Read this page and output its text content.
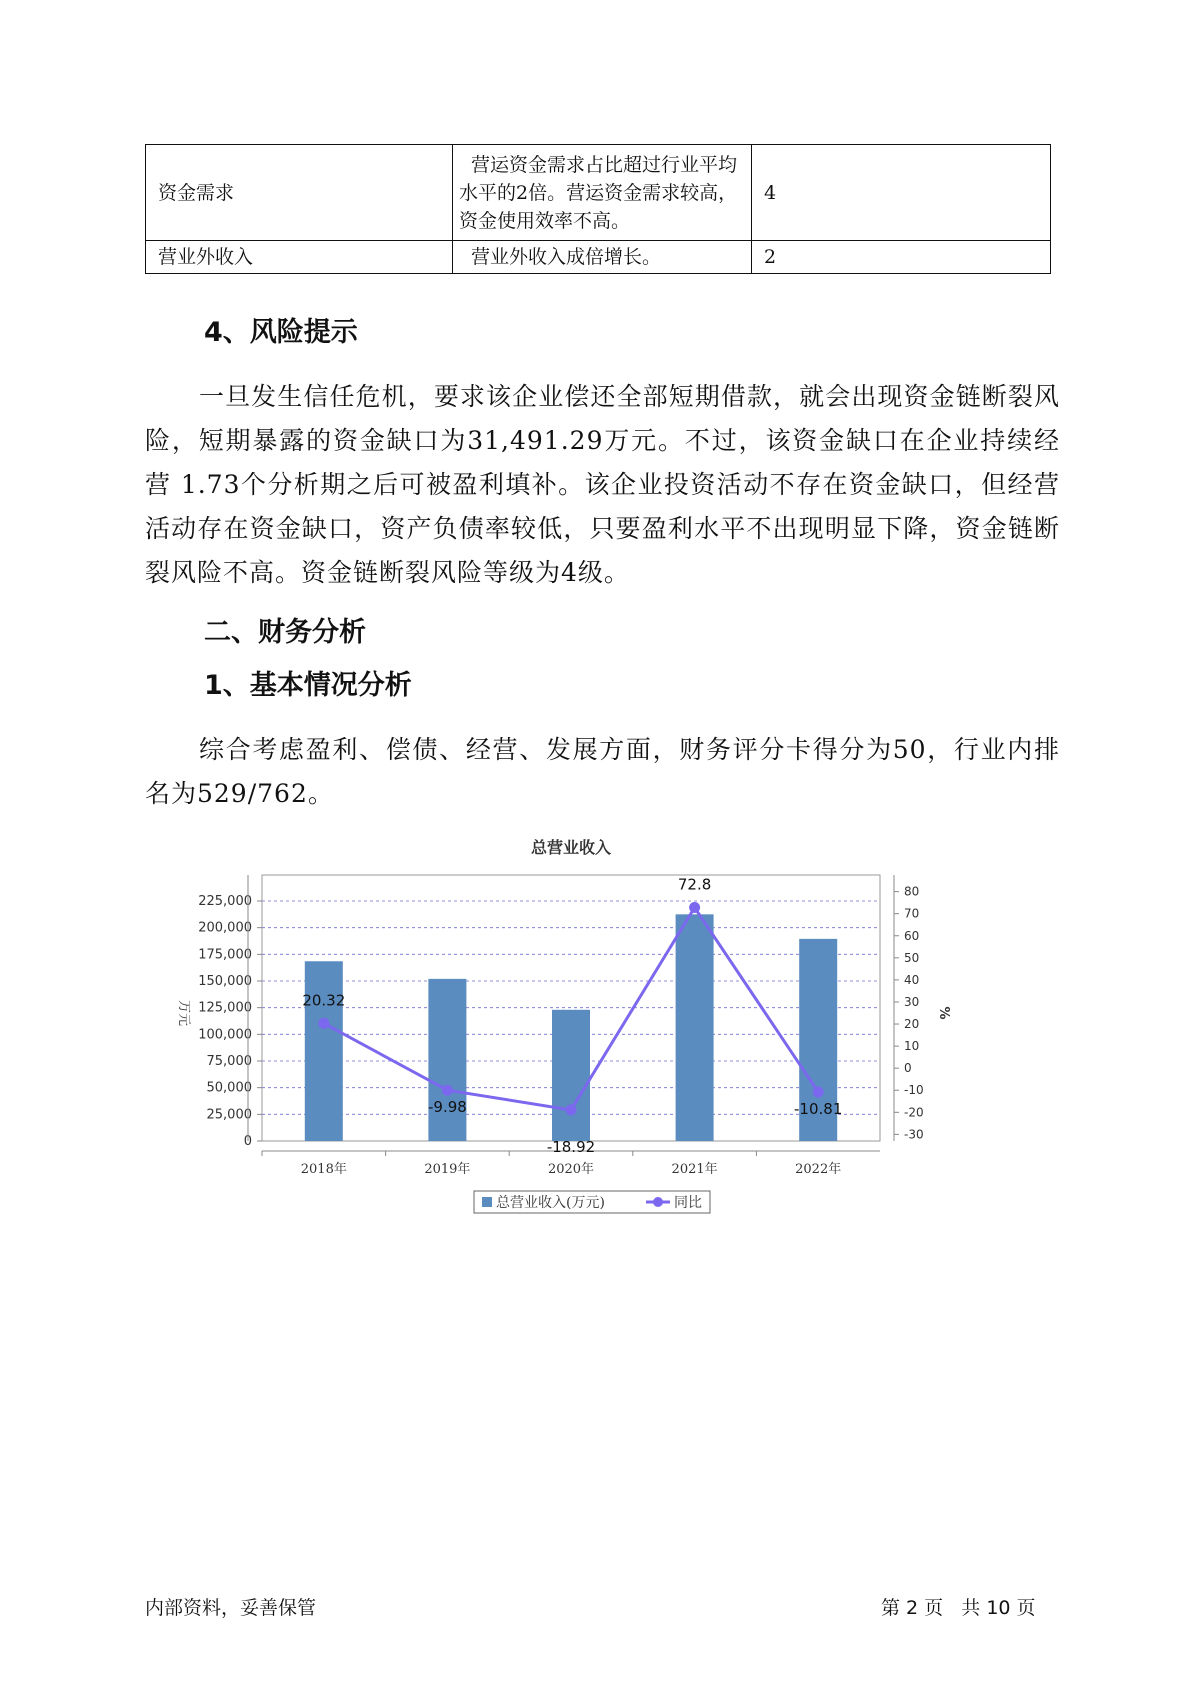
资金需求	营运资金需求占比超过行业平均

水平的2倍。营运资金需求较高，

资金使用效率不高。	4
营业外收入	营业外收入成倍增长。	2
4、风险提示

一旦发生信任危机，要求该企业偿还全部短期借款，就会出现资金链断裂风险，短期暴露的资金缺口为31,491.29万元。不过，该资金缺口在企业持续经营 1.73个分析期之后可被盈利填补。该企业投资活动不存在资金缺口，但经营活动存在资金缺口，资产负债率较低，只要盈利水平不出现明显下降，资金链断裂风险不高。资金链断裂风险等级为4级。

二、财务分析
1、基本情况分析

综合考虑盈利、偿债、经营、发展方面，财务评分卡得分为50，行业内排名为529/762。

总营业收入
0
25,000
50,000
75,000
100,000
125,000
150,000
175,000
200,000
225,000
-30
-20
-10
0
10
20
30
40
50
60
70
80
万元	%
2018年	2019年	2020年	2021年	2022年
20.32
-9.98
-18.92
72.8
-10.81
总营业收入(万元)	同比
内部资料，妥善保管	第 2 页   共 10 页
